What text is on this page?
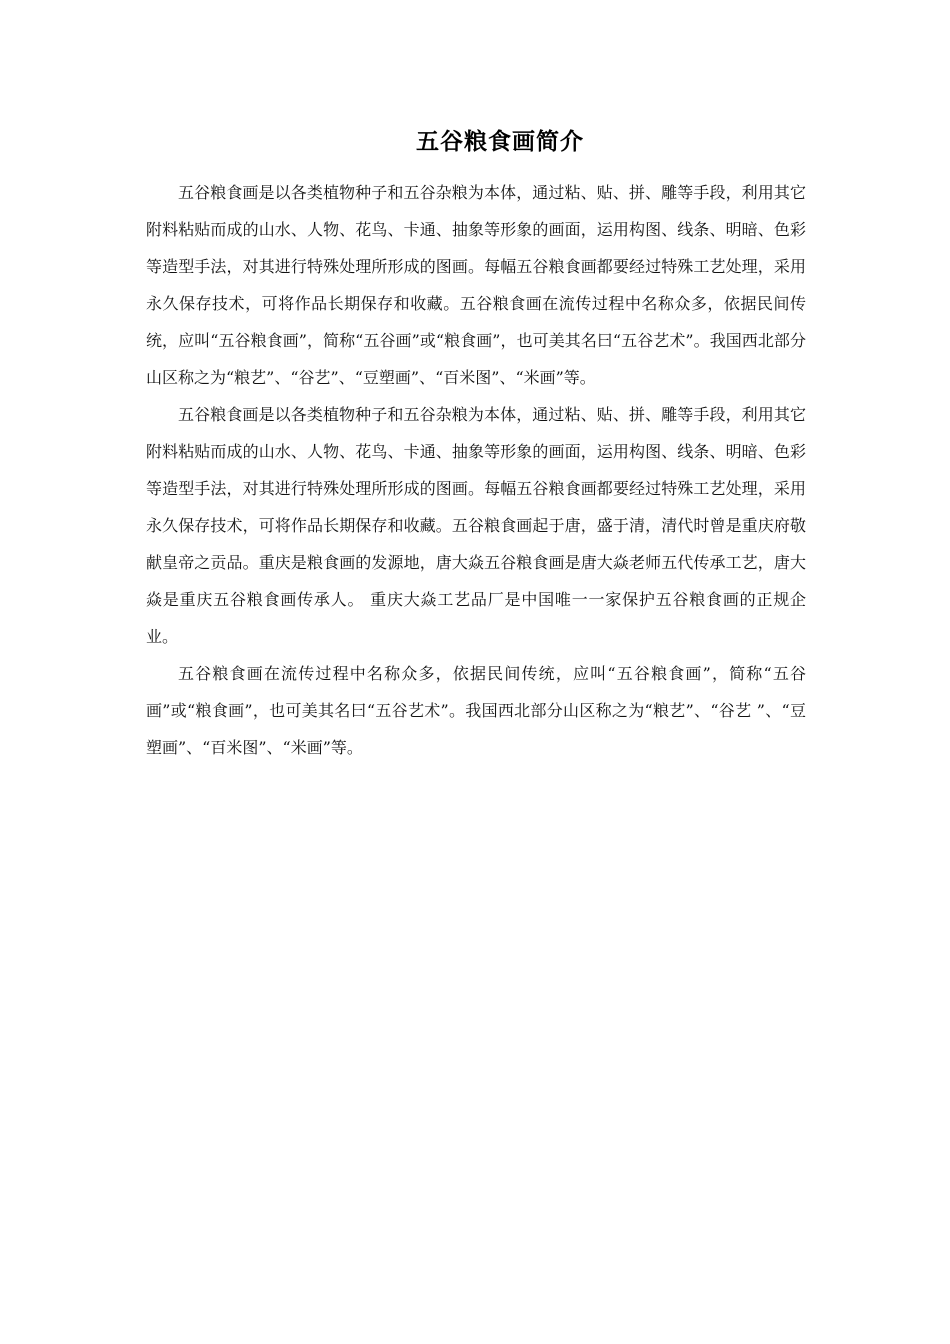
五谷粮食画简介

五谷粮食画是以各类植物种子和五谷杂粮为本体，通过粘、贴、拼、雕等手段，利用其它附料粘贴而成的山水、人物、花鸟、卡通、抽象等形象的画面，运用构图、线条、明暗、色彩等造型手法，对其进行特殊处理所形成的图画。每幅五谷粮食画都要经过特殊工艺处理，采用永久保存技术，可将作品长期保存和收藏。五谷粮食画在流传过程中名称众多，依据民间传统，应叫“五谷粮食画”，简称“五谷画”或“粮食画”，也可美其名曰“五谷艺术”。我国西北部分山区称之为“粮艺”、“谷艺”、“豆塑画”、“百米图”、“米画”等。

五谷粮食画是以各类植物种子和五谷杂粮为本体，通过粘、贴、拼、雕等手段，利用其它附料粘贴而成的山水、人物、花鸟、卡通、抽象等形象的画面，运用构图、线条、明暗、色彩等造型手法，对其进行特殊处理所形成的图画。每幅五谷粮食画都要经过特殊工艺处理，采用永久保存技术，可将作品长期保存和收藏。五谷粮食画起于唐，盛于清，清代时曾是重庆府敬献皇帝之贡品。重庆是粮食画的发源地，唐大焱五谷粮食画是唐大焱老师五代传承工艺，唐大焱是重庆五谷粮食画传承人。 重庆大焱工艺品厂是中国唯一一家保护五谷粮食画的正规企业。

五谷粮食画在流传过程中名称众多，依据民间传统，应叫“五谷粮食画”，简称“五谷画”或“粮食画”，也可美其名曰“五谷艺术”。我国西北部分山区称之为“粮艺”、“谷艺 ”、“豆塑画”、“百米图”、“米画”等。
